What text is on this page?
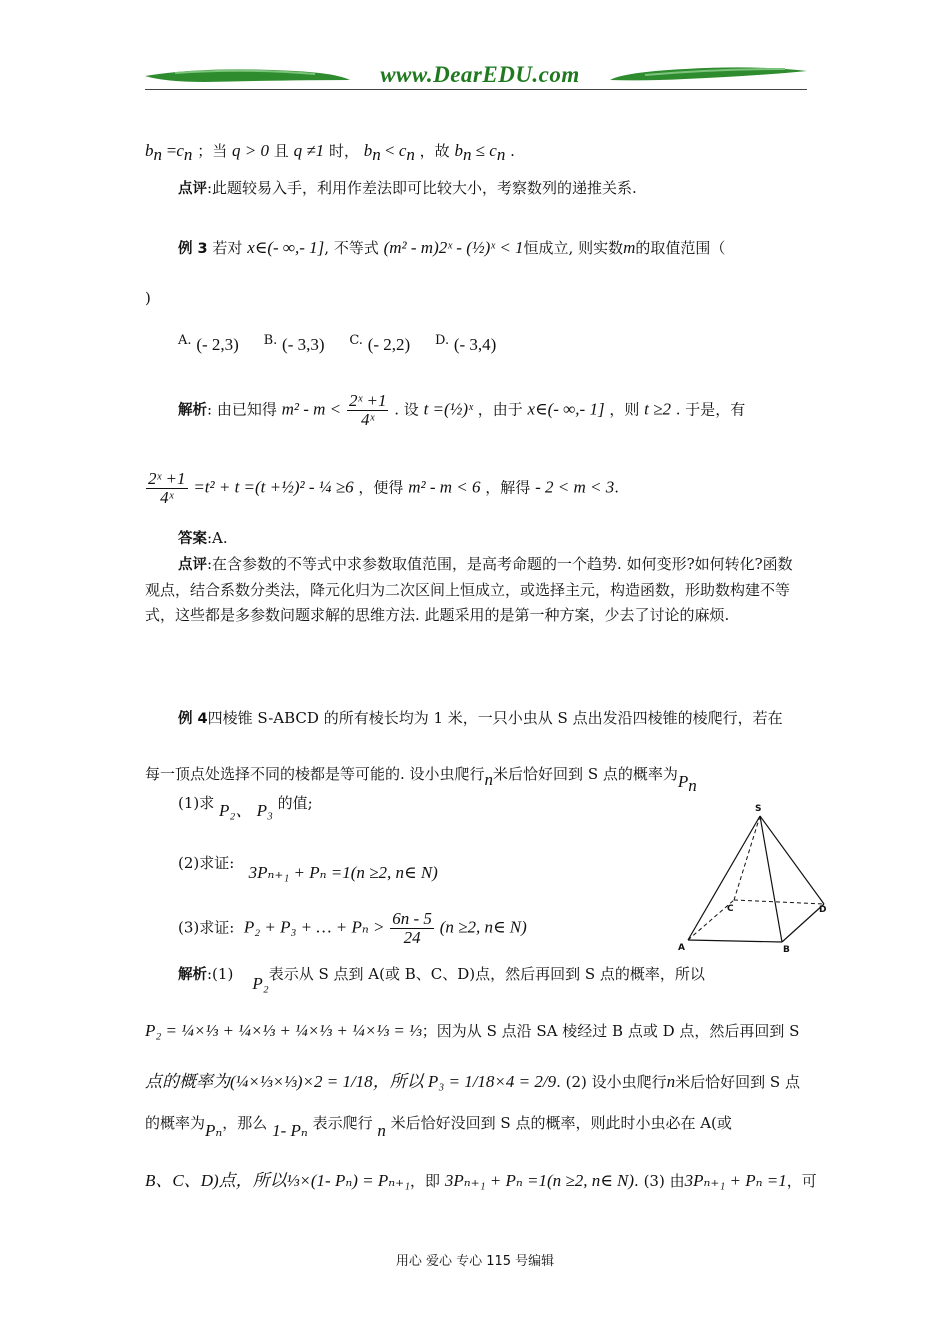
www.DearEDU.com
$b_n =c_n$ ；当 q > 0 且 q ≠1 时， $b_n < c_n$ ，故 $b_n \le c_n$ .
点评:此题较易入手，利用作差法即可比较大小，考察数列的递推关系.
例 3 若对 x∈(- ∞,- 1], 不等式 (m² - m)2ˣ - (½)ˣ < 1恒成立, 则实数m的取值范围（
)
A. (- 2,3) B. (- 3,3) C. (- 2,2) D. (- 3,4)
解析: 由已知得 $m^2 - m < \frac{\text{2ˣ +1}}{\text{4ˣ}}$ . 设 t =(½)ˣ ，由于 x∈(- ∞,- 1] ，则 t ≥2 . 于是，有
$\frac{\text{2ˣ +1}}{\text{4ˣ}} =t^2 + t =(t$ +½)² - ¼ ≥6 ，便得 m² - m < 6 ，解得 - 2 < m < 3.
答案:A.
点评:在含参数的不等式中求参数取值范围，是高考命题的一个趋势. 如何变形?如何转化?函数观点，结合系数分类法，降元化归为二次区间上恒成立，或选择主元，构造函数，形助数构建不等式，这些都是多参数问题求解的思维方法. 此题采用的是第一种方案，少去了讨论的麻烦.
例 4四棱锥 S-ABCD 的所有棱长均为 1 米，一只小虫从 S 点出发沿四棱锥的棱爬行，若在
每一顶点处选择不同的棱都是等可能的. 设小虫爬行n米后恰好回到 S 点的概率为$P_n$
(1)求 P₂、 P₃ 的值;
(2)求证: 3Pₙ₊₁ + Pₙ =1(n ≥2, n∈ N)
(3)求证: P₂ + P₃ + … + $P_n > \frac{6n - 5}{24} (n \ge 2$, n∈ N)
S
A	B
C	D
解析:(1) P₂表示从 S 点到 A(或 B、C、D)点，然后再回到 S 点的概率，所以
P₂ = ¼×⅓ + ¼×⅓ + ¼×⅓ + ¼×⅓ = ⅓；因为从 S 点沿 SA 棱经过 B 点或 D 点，然后再回到 S
点的概率为(¼×⅓×⅓)×2 = 1/18，所以 P₃ = 1/18×4 = 2/9. (2) 设小虫爬行n米后恰好回到 S 点
的概率为Pₙ，那么 1- Pₙ 表示爬行 n 米后恰好没回到 S 点的概率，则此时小虫必在 A(或
B、C、D)点，所以⅓×(1- Pₙ) = Pₙ₊₁，即 3Pₙ₊₁ + Pₙ =1(n ≥2, n∈ N). (3) 由3Pₙ₊₁ + Pₙ =1，可
用心 爱心 专心 115 号编辑
